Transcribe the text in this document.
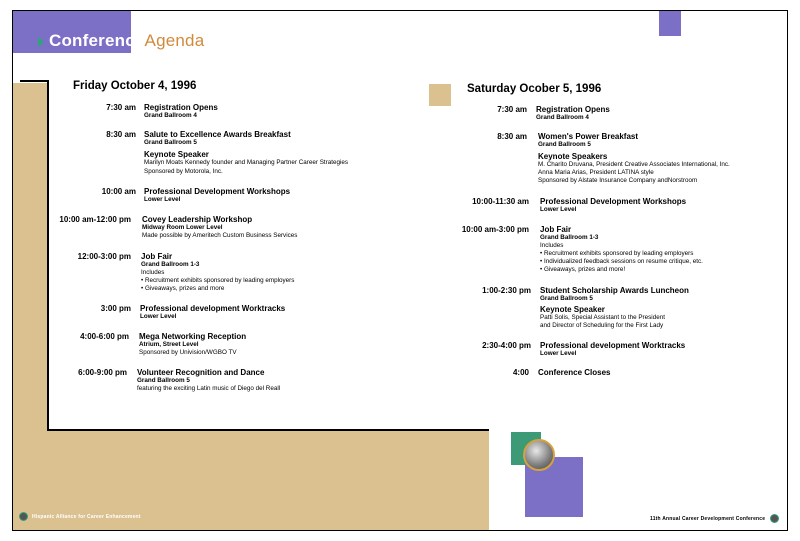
ConferenceAgenda
Friday October 4, 1996
7:30 am Registration Opens
Grand Ballroom 4
8:30 am Salute to Excellence Awards Breakfast
Grand Ballroom 5
Keynote Speaker
Marilyn Moats Kennedy founder and Managing Partner Career Strategies
Sponsored by Motorola, Inc.
10:00 am Professional Development Workshops
Lower Level
10:00 am-12:00 pm Covey Leadership Workshop
Midway Room Lower Level
Made possible by Ameritech Custom Business Services
12:00-3:00 pm Job Fair
Grand Ballroom 1-3
Includes
• Recruitment exhibits sponsored by leading employers
• Giveaways, prizes and more
3:00 pm Professional development Worktracks
Lower Level
4:00-6:00 pm Mega Networking Reception
Atrium, Street Level
Sponsored by Univision/WGBO TV
6:00-9:00 pm Volunteer Recognition and Dance
Grand Ballroom 5
featuring the exciting Latin music of Diego del Reall
Saturday Ocober 5, 1996
7:30 am Registration Opens
Grand Ballroom 4
8:30 am Women's Power Breakfast
Grand Ballroom 5
Keynote Speakers
M. Charito Druvana, President Creative Associates International, Inc.
Anna Maria Arias, President LATINA style
Sponsored by Alstate Insurance Company andNorstroom
10:00-11:30 am Professional Development Workshops
Lower Level
10:00 am-3:00 pm Job Fair
Grand Ballroom 1-3
Includes
• Recruitment exhibits sponsored by leading employers
• Individualized feedback sessions on resume critique, etc.
• Giveaways, prizes and more!
1:00-2:30 pm Student Scholarship Awards Luncheon
Grand Ballroom 5
Keynote Speaker
Patti Solis, Special Assistant to the President
and Director of Scheduling for the First Lady
2:30-4:00 pm Professional development Worktracks
Lower Level
4:00 Conference Closes
Hispanic Alliance for Career Enhancement	11th Annual Career Development Conference
